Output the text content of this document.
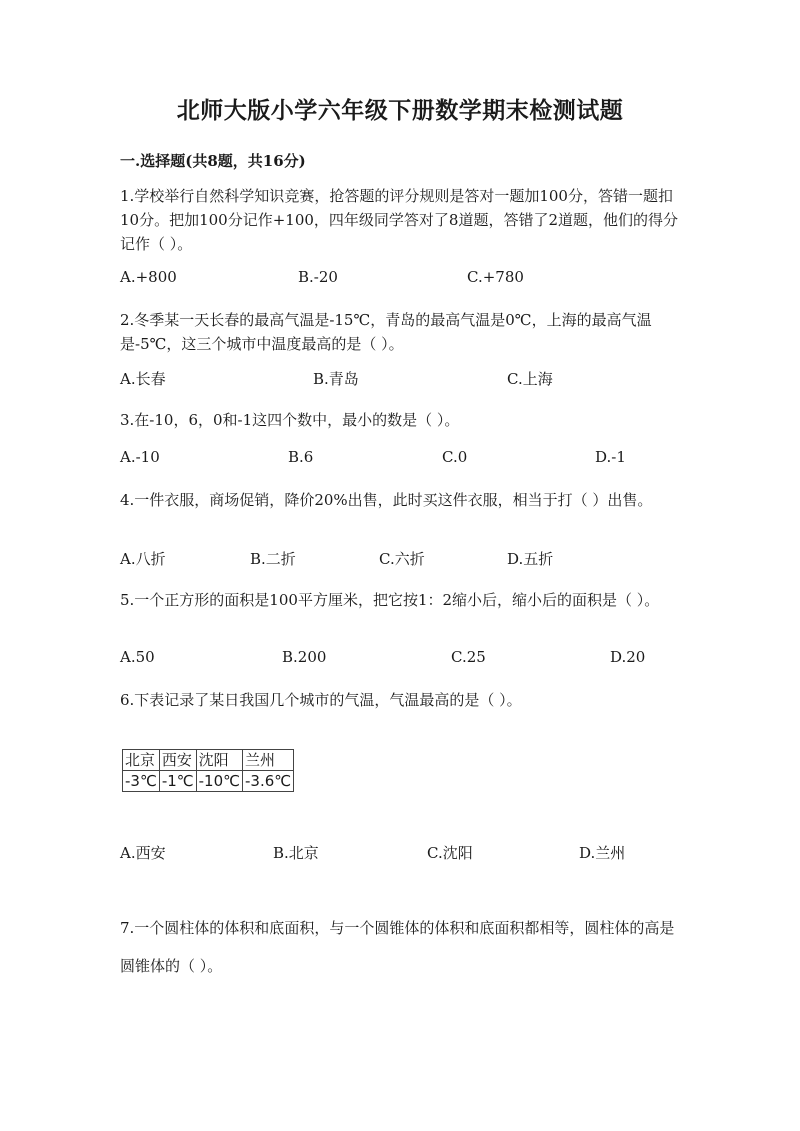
北师大版小学六年级下册数学期末检测试题
一.选择题(共8题，共16分)
1.学校举行自然科学知识竞赛，抢答题的评分规则是答对一题加100分，答错一题扣10分。把加100分记作+100，四年级同学答对了8道题，答错了2道题，他们的得分记作（ ）。
A.+800	B.-20	C.+780
2.冬季某一天长春的最高气温是-15℃，青岛的最高气温是0℃，上海的最高气温是-5℃，这三个城市中温度最高的是（ ）。
A.长春	B.青岛	C.上海
3.在-10，6，0和-1这四个数中，最小的数是（ ）。
A.-10	B.6	C.0	D.-1
4.一件衣服，商场促销，降价20%出售，此时买这件衣服，相当于打（ ）出售。
A.八折	B.二折	C.六折	D.五折
5.一个正方形的面积是100平方厘米，把它按1：2缩小后，缩小后的面积是（ ）。
A.50	B.200	C.25	D.20
6.下表记录了某日我国几个城市的气温，气温最高的是（ ）。
北京	西安	沈阳	兰州
-3℃	-1℃	-10℃	-3.6℃
A.西安	B.北京	C.沈阳	D.兰州
7.一个圆柱体的体积和底面积，与一个圆锥体的体积和底面积都相等，圆柱体的高是圆锥体的（ ）。
